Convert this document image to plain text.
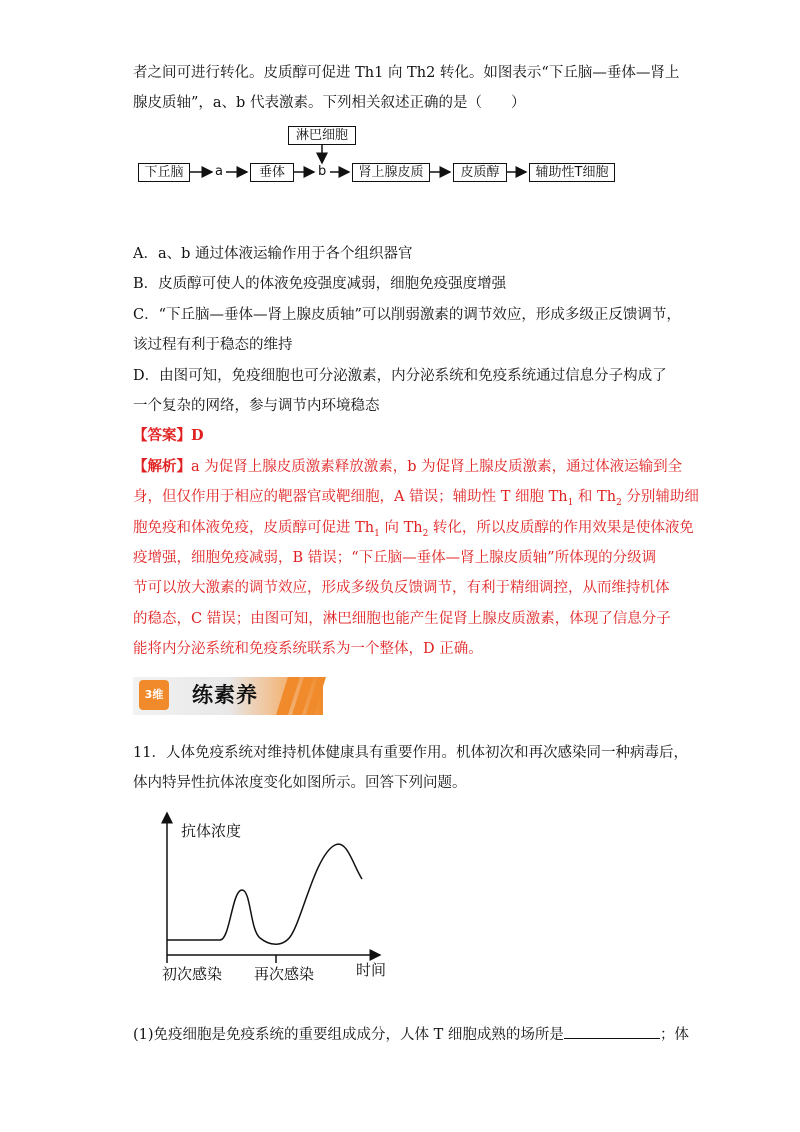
者之间可进行转化。皮质醇可促进 Th1 向 Th2 转化。如图表示“下丘脑—垂体—肾上
腺皮质轴”，a、b 代表激素。下列相关叙述正确的是（　　）
淋巴细胞
下丘脑	a	垂体	b	肾上腺皮质	皮质醇	辅助性T细胞
A．a、b 通过体液运输作用于各个组织器官
B．皮质醇可使人的体液免疫强度减弱，细胞免疫强度增强
C．“下丘脑—垂体—肾上腺皮质轴”可以削弱激素的调节效应，形成多级正反馈调节，
该过程有利于稳态的维持
D．由图可知，免疫细胞也可分泌激素，内分泌系统和免疫系统通过信息分子构成了
一个复杂的网络，参与调节内环境稳态
【答案】D
【解析】a 为促肾上腺皮质激素释放激素，b 为促肾上腺皮质激素，通过体液运输到全
身，但仅作用于相应的靶器官或靶细胞，A 错误；辅助性 T 细胞 $Th_1$ 和 $Th_2$ 分别辅助细
胞免疫和体液免疫，皮质醇可促进 $Th_1$ 向 $Th_2$ 转化，所以皮质醇的作用效果是使体液免
疫增强，细胞免疫减弱，B 错误；“下丘脑—垂体—肾上腺皮质轴”所体现的分级调
节可以放大激素的调节效应，形成多级负反馈调节，有利于精细调控，从而维持机体
的稳态，C 错误；由图可知，淋巴细胞也能产生促肾上腺皮质激素，体现了信息分子
能将内分泌系统和免疫系统联系为一个整体，D 正确。
3维 练素养
11．人体免疫系统对维持机体健康具有重要作用。机体初次和再次感染同一种病毒后，
体内特异性抗体浓度变化如图所示。回答下列问题。
抗体浓度
时间
初次感染 再次感染
(1)免疫细胞是免疫系统的重要组成成分，人体 T 细胞成熟的场所是	；体
